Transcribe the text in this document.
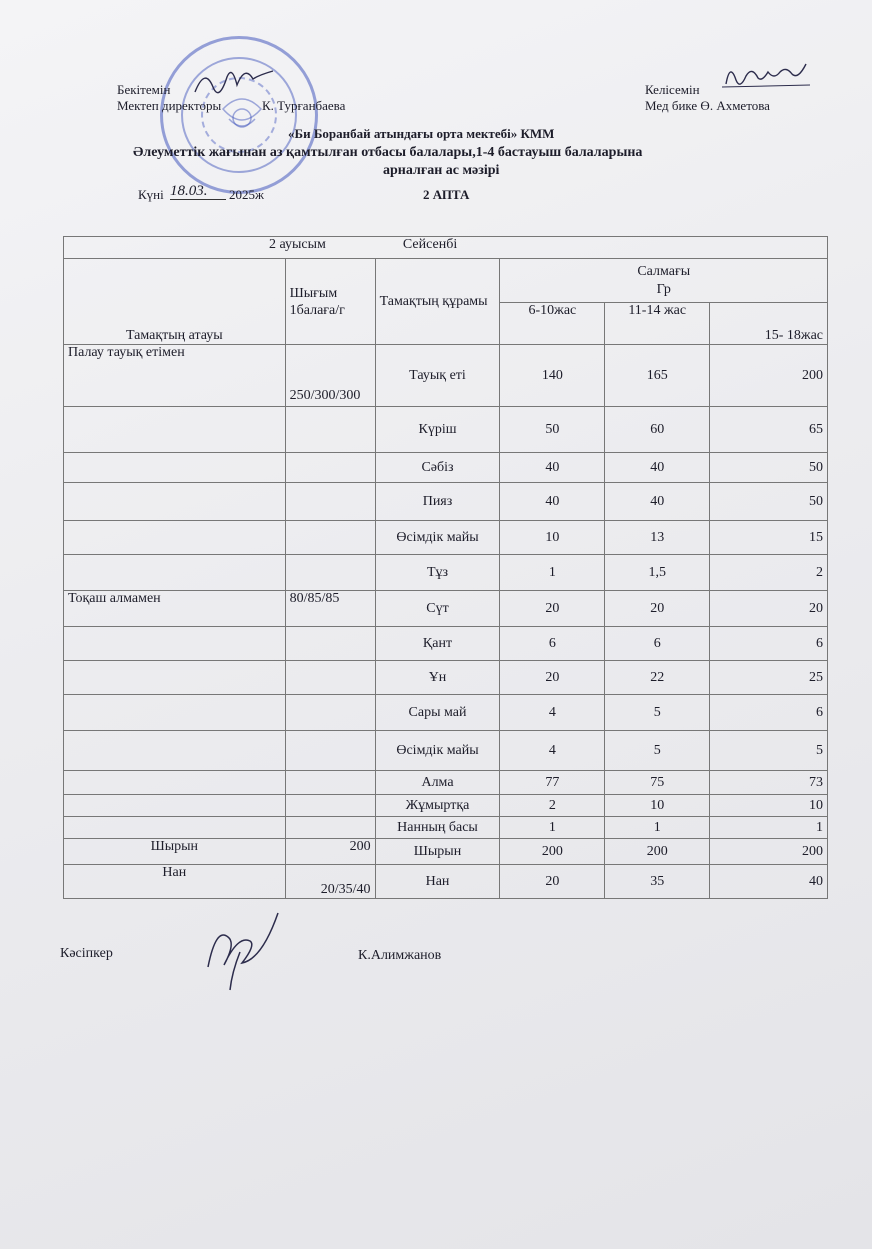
Бекітемін
Мектеп директоры	К. Турғанбаева
Келісемін
Мед бике Ө. Ахметова
«Би Боранбай атындағы орта мектебі» КММ
Әлеуметтік жағынан аз қамтылған отбасы балалары,1-4 бастауыш балаларына
арналған ас мәзірі
Күні 18.03.	2025ж	2 АПТА
2 ауысым Сейсенбі					
Тамақтың атауы	Шығым 1балаға/г	Тамақтың құрамы	Салмағы
Гр		

			6-10жас	11-14 жас	15- 18жас
Палау тауық етімен	250/300/300	Тауық еті	140	165	200
		Күріш	50	60	65
		Сәбіз	40	40	50
		Пияз	40	40	50
		Өсімдік майы	10	13	15
		Тұз	1	1,5	2
Тоқаш алмамен	80/85/85	Сүт	20	20	20
		Қант	6	6	6
		Ұн	20	22	25
		Сары май	4	5	6
		Өсімдік майы	4	5	5
		Алма	77	75	73
		Жұмыртқа	2	10	10
		Нанның басы	1	1	1
Шырын	200	Шырын	200	200	200
Нан	20/35/40	Нан	20	35	40
Кәсіпкер	К.Алимжанов
